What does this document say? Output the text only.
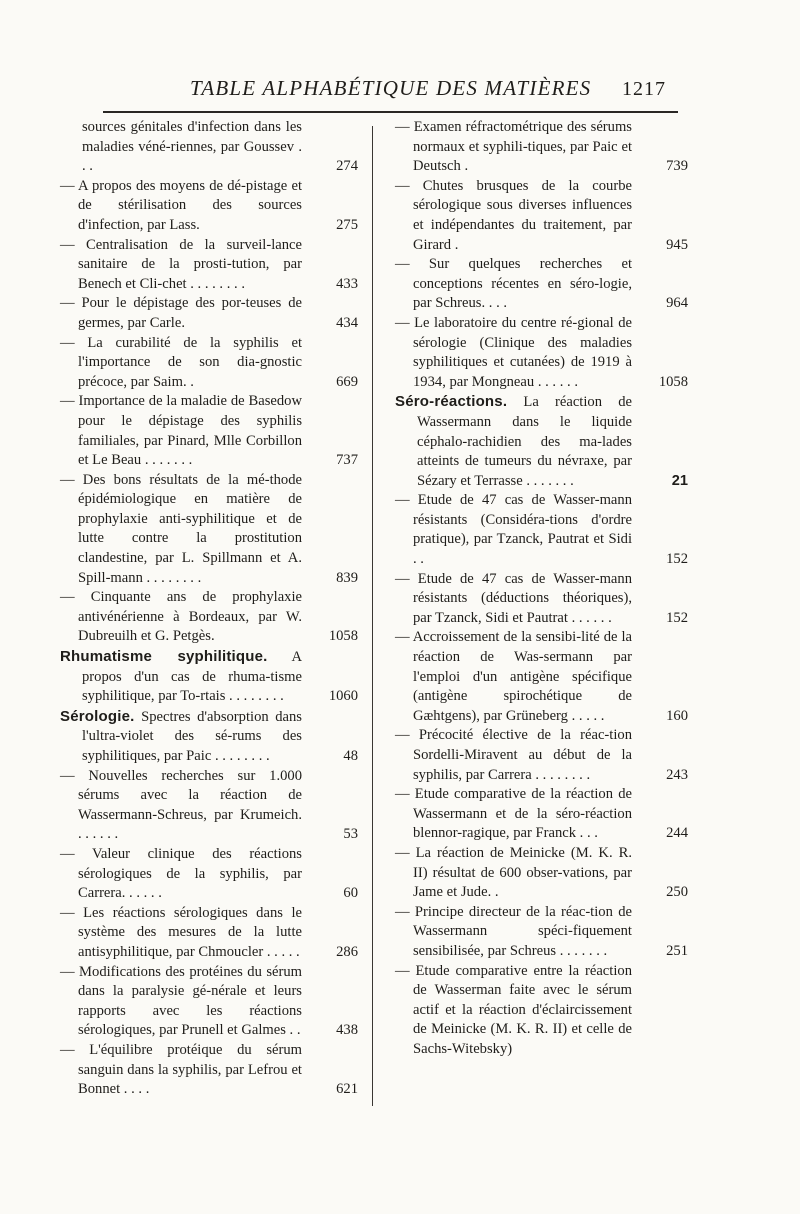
TABLE ALPHABÉTIQUE DES MATIÈRES 1217
sources génitales d'infection dans les maladies véné-riennes, par Goussev . . .	274
— A propos des moyens de dé-pistage et de stérilisation des sources d'infection, par Lass.	275
— Centralisation de la surveil-lance sanitaire de la prosti-tution, par Benech et Cli-chet . . . . . . . .	433
— Pour le dépistage des por-teuses de germes, par Carle.	434
— La curabilité de la syphilis et l'importance de son dia-gnostic précoce, par Saim. .	669
— Importance de la maladie de Basedow pour le dépistage des syphilis familiales, par Pinard, Mlle Corbillon et Le Beau . . . . . . .	737
— Des bons résultats de la mé-thode épidémiologique en matière de prophylaxie anti-syphilitique et de lutte contre la prostitution clandestine, par L. Spillmann et A. Spill-mann . . . . . . . .	839
— Cinquante ans de prophylaxie antivénérienne à Bordeaux, par W. Dubreuilh et G. Petgès.	1058
Rhumatisme syphilitique. A propos d'un cas de rhuma-tisme syphilitique, par To-rtais . . . . . . . .	1060
Sérologie. Spectres d'absorption dans l'ultra-violet des sé-rums des syphilitiques, par Paic . . . . . . . .	48
— Nouvelles recherches sur 1.000 sérums avec la réaction de Wassermann-Schreus, par Krumeich. . . . . . .	53
— Valeur clinique des réactions sérologiques de la syphilis, par Carrera. . . . . .	60
— Les réactions sérologiques dans le système des mesures de la lutte antisyphilitique, par Chmoucler . . . . .	286
— Modifications des protéines du sérum dans la paralysie gé-nérale et leurs rapports avec les réactions sérologiques, par Prunell et Galmes . .	438
— L'équilibre protéique du sérum sanguin dans la syphilis, par Lefrou et Bonnet . . . .	621
— Examen réfractométrique des sérums normaux et syphili-tiques, par Paic et Deutsch .	739
— Chutes brusques de la courbe sérologique sous diverses influences et indépendantes du traitement, par Girard .	945
— Sur quelques recherches et conceptions récentes en séro-logie, par Schreus. . . .	964
— Le laboratoire du centre ré-gional de sérologie (Clinique des maladies syphilitiques et cutanées) de 1919 à 1934, par Mongneau . . . . . .	1058
Séro-réactions. La réaction de Wassermann dans le liquide céphalo-rachidien des ma-lades atteints de tumeurs du névraxe, par Sézary et Terrasse . . . . . . .	21
— Etude de 47 cas de Wasser-mann résistants (Considéra-tions d'ordre pratique), par Tzanck, Pautrat et Sidi . .	152
— Etude de 47 cas de Wasser-mann résistants (déductions théoriques), par Tzanck, Sidi et Pautrat . . . . . .	152
— Accroissement de la sensibi-lité de la réaction de Was-sermann par l'emploi d'un antigène spécifique (antigène spirochétique de Gæhtgens), par Grüneberg . . . . .	160
— Précocité élective de la réac-tion Sordelli-Miravent au début de la syphilis, par Carrera . . . . . . . .	243
— Etude comparative de la réaction de Wassermann et de la séro-réaction blennor-ragique, par Franck . . .	244
— La réaction de Meinicke (M. K. R. II) résultat de 600 obser-vations, par Jame et Jude. .	250
— Principe directeur de la réac-tion de Wassermann spéci-fiquement sensibilisée, par Schreus . . . . . . .	251
— Etude comparative entre la réaction de Wasserman faite avec le sérum actif et la réaction d'éclaircissement de Meinicke (M. K. R. II) et celle de Sachs-Witebsky)
